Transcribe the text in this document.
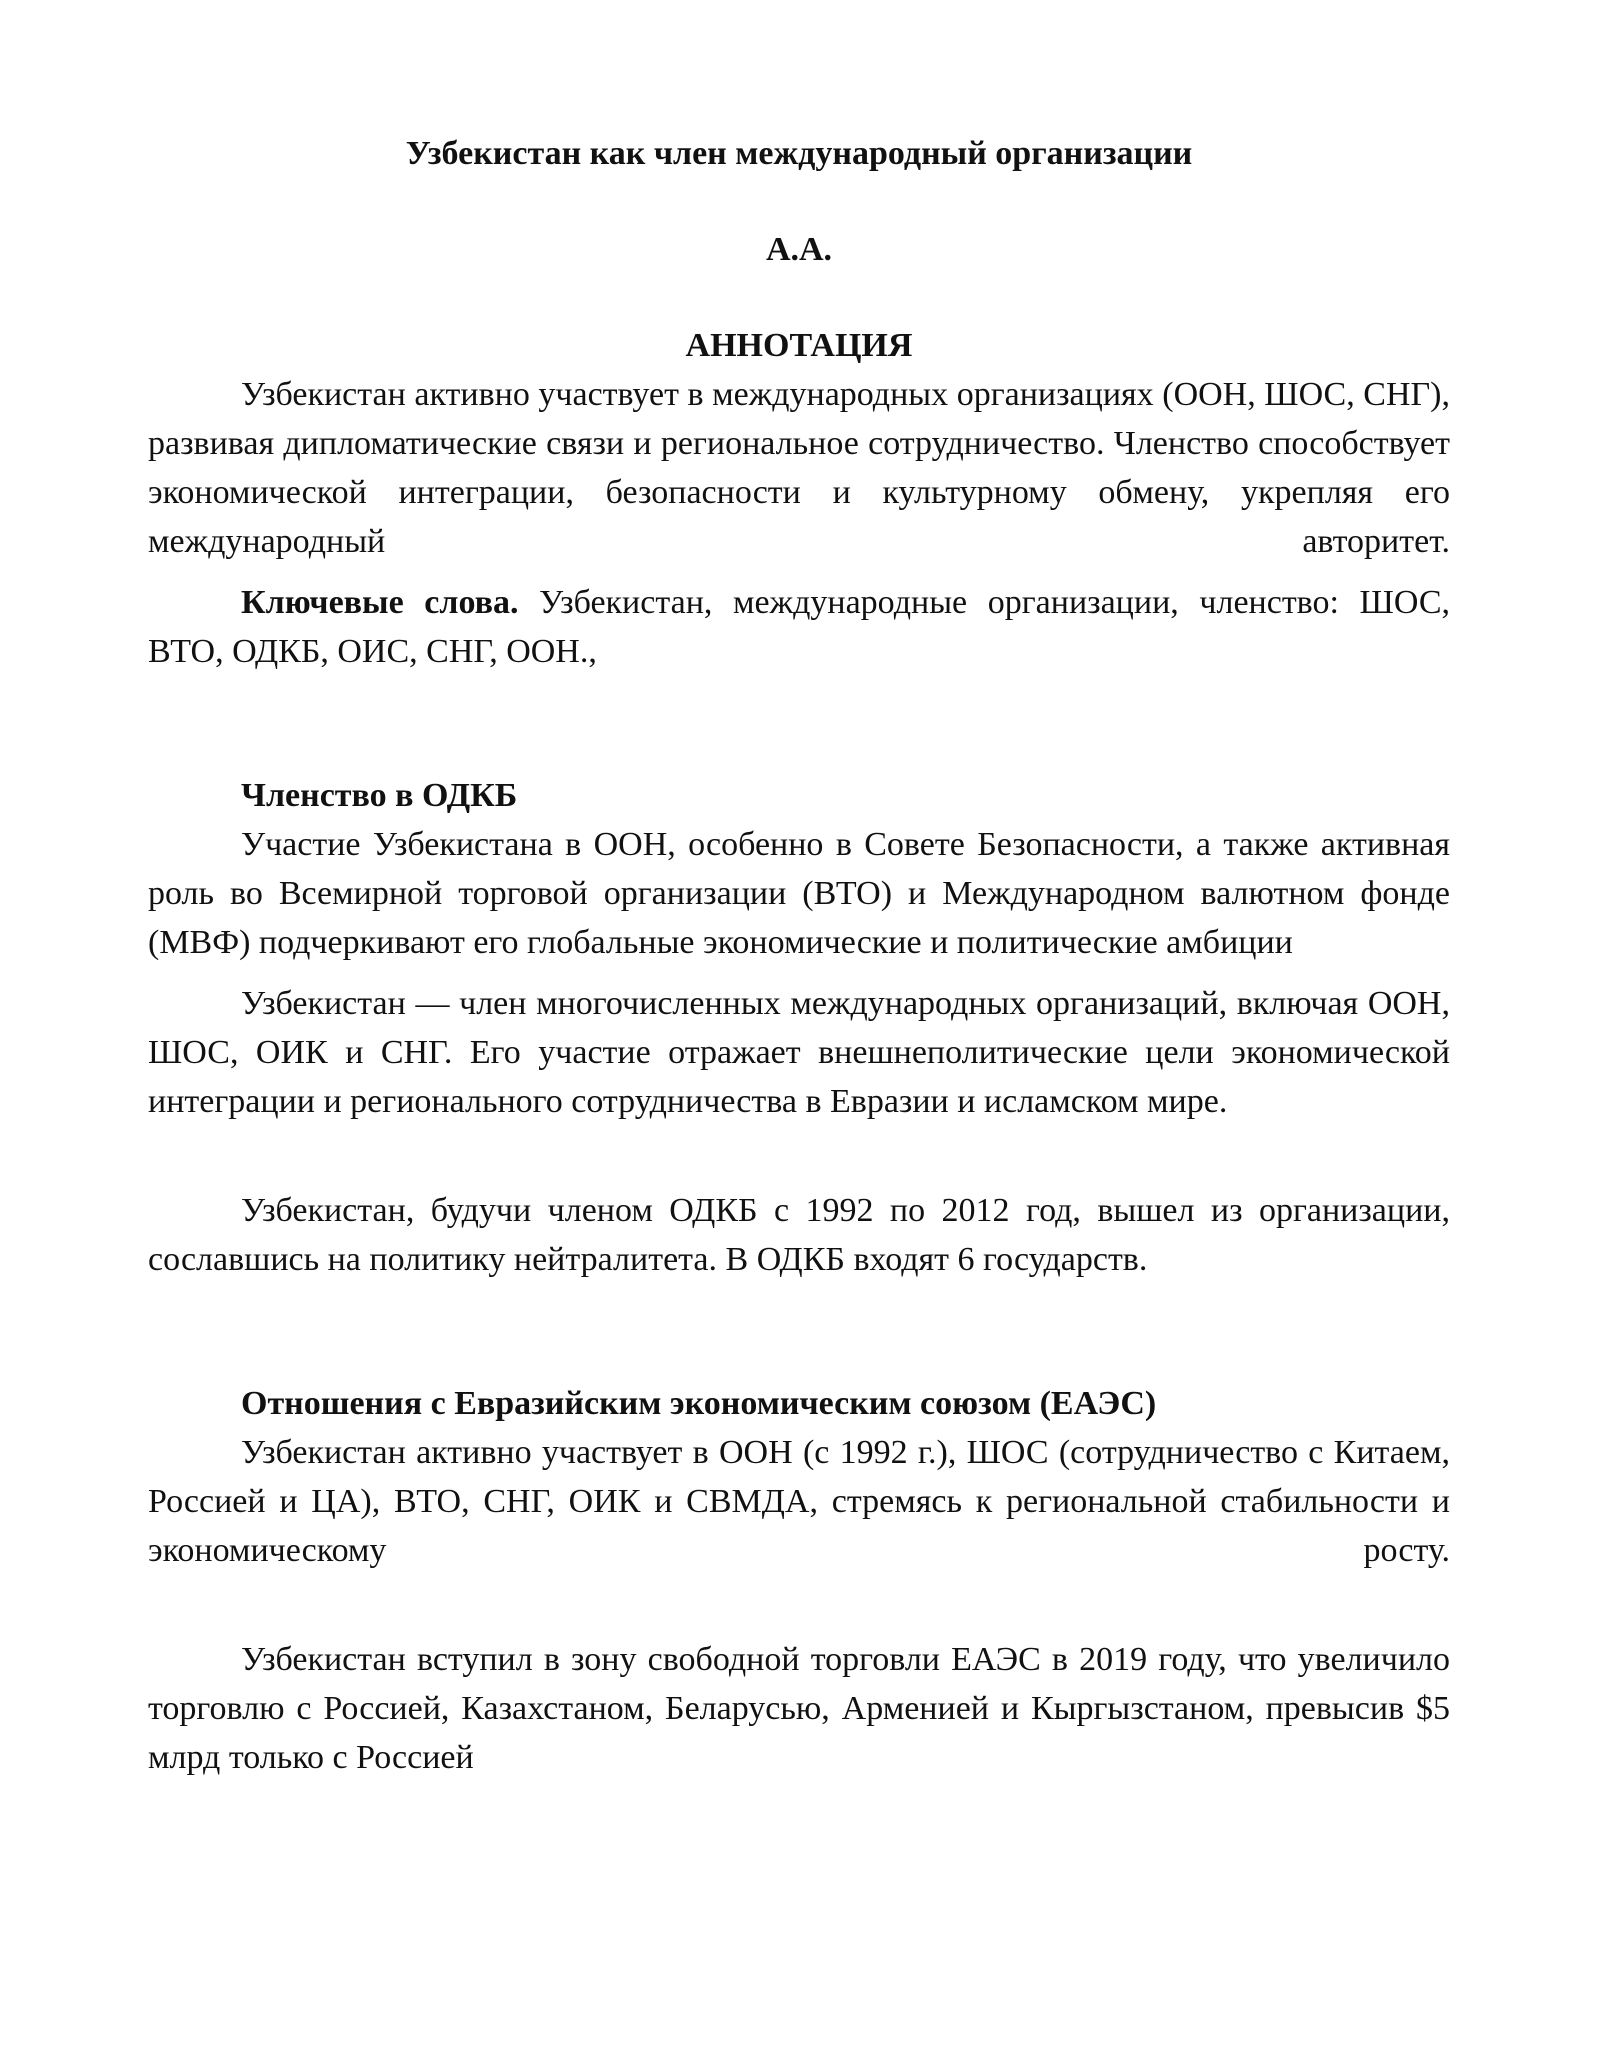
Узбекистан как член международный организации

А.А.

АННОТАЦИЯ

Узбекистан активно участвует в международных организациях (ООН, ШОС, СНГ), развивая дипломатические связи и региональное сотрудничество. Членство способствует экономической интеграции, безопасности и культурному обмену, укрепляя его международный авторитет.

Ключевые слова. Узбекистан, международные организации, членство: ШОС, ВТО, ОДКБ, ОИС, СНГ, ООН.,

Членство в ОДКБ

Участие Узбекистана в ООН, особенно в Совете Безопасности, а также активная роль во Всемирной торговой организации (ВТО) и Международном валютном фонде (МВФ) подчеркивают его глобальные экономические и политические амбиции

Узбекистан — член многочисленных международных организаций, включая ООН, ШОС, ОИК и СНГ. Его участие отражает внешнеполитические цели экономической интеграции и регионального сотрудничества в Евразии и исламском мире.

Узбекистан, будучи членом ОДКБ с 1992 по 2012 год, вышел из организации, сославшись на политику нейтралитета. В ОДКБ входят 6 государств.

Отношения с Евразийским экономическим союзом (ЕАЭС)

Узбекистан активно участвует в ООН (с 1992 г.), ШОС (сотрудничество с Китаем, Россией и ЦА), ВТО, СНГ, ОИК и СВМДА, стремясь к региональной стабильности и экономическому росту.

Узбекистан вступил в зону свободной торговли ЕАЭС в 2019 году, что увеличило торговлю с Россией, Казахстаном, Беларусью, Арменией и Кыргызстаном, превысив $5 млрд только с Россией
